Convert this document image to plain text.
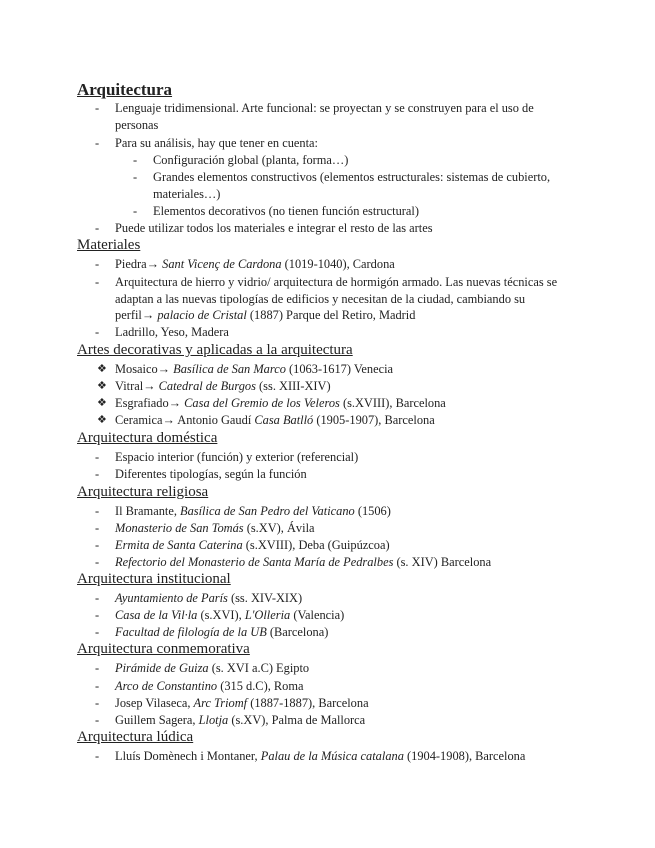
Arquitectura
- Lenguaje tridimensional. Arte funcional: se proyectan y se construyen para el uso de
personas
- Para su análisis, hay que tener en cuenta:
- Configuración global (planta, forma…)
- Grandes elementos constructivos (elementos estructurales: sistemas de cubierto,
materiales…)
- Elementos decorativos (no tienen función estructural)
- Puede utilizar todos los materiales e integrar el resto de las artes
Materiales
- Piedra→ Sant Vicenç de Cardona (1019-1040), Cardona
- Arquitectura de hierro y vidrio/ arquitectura de hormigón armado. Las nuevas técnicas se
adaptan a las nuevas tipologías de edificios y necesitan de la ciudad, cambiando su
perfil→ palacio de Cristal (1887) Parque del Retiro, Madrid
- Ladrillo, Yeso, Madera
Artes decorativas y aplicadas a la arquitectura
❖ Mosaico→ Basílica de San Marco (1063-1617) Venecia
❖ Vitral→ Catedral de Burgos (ss. XIII-XIV)
❖ Esgrafiado→ Casa del Gremio de los Veleros (s.XVIII), Barcelona
❖ Ceramica→ Antonio Gaudí Casa Batlló (1905-1907), Barcelona
Arquitectura doméstica
- Espacio interior (función) y exterior (referencial)
- Diferentes tipologías, según la función
Arquitectura religiosa
- Il Bramante, Basílica de San Pedro del Vaticano (1506)
- Monasterio de San Tomás (s.XV), Ávila
- Ermita de Santa Caterina (s.XVIII), Deba (Guipúzcoa)
- Refectorio del Monasterio de Santa María de Pedralbes (s. XIV) Barcelona
Arquitectura institucional
- Ayuntamiento de París (ss. XIV-XIX)
- Casa de la Vil·la (s.XVI), L'Olleria (Valencia)
- Facultad de filología de la UB (Barcelona)
Arquitectura conmemorativa
- Pirámide de Guiza (s. XVI a.C) Egipto
- Arco de Constantino (315 d.C), Roma
- Josep Vilaseca, Arc Triomf (1887-1887), Barcelona
- Guillem Sagera, Llotja (s.XV), Palma de Mallorca
Arquitectura lúdica
- Lluís Domènech i Montaner, Palau de la Música catalana (1904-1908), Barcelona
